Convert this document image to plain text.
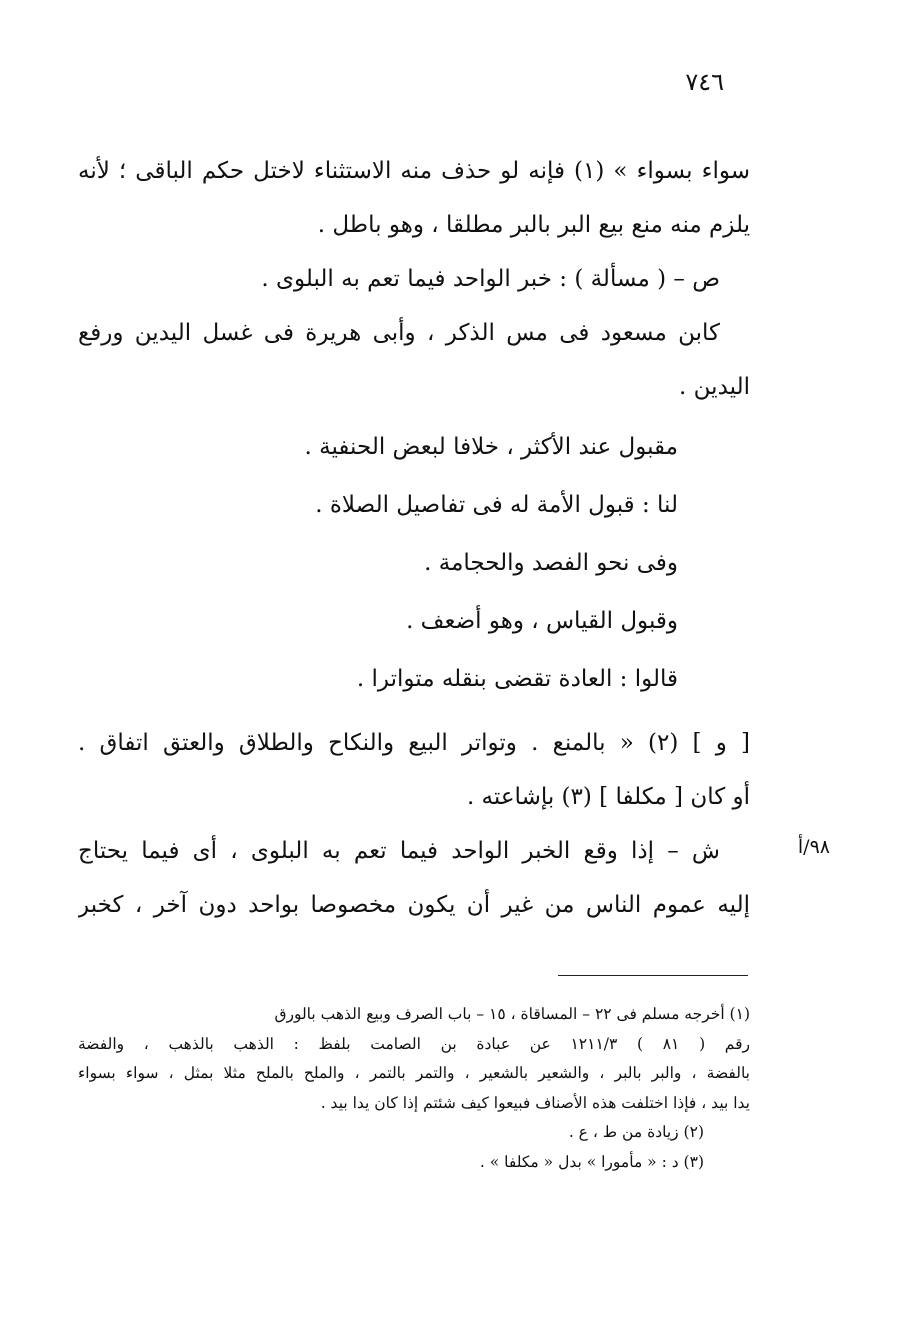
٧٤٦
سواء بسواء » (١) فإنه لو حذف منه الاستثناء لاختل حكم الباقى ؛ لأنه
يلزم منه منع بيع البر بالبر مطلقا ، وهو باطل .
ص – ( مسألة ) : خبر الواحد فيما تعم به البلوى .
كابن مسعود فى مس الذكر ، وأبى هريرة فى غسل اليدين ورفع
اليدين .
مقبول عند الأكثر ، خلافا لبعض الحنفية .
لنا : قبول الأمة له فى تفاصيل الصلاة .
وفى نحو الفصد والحجامة .
وقبول القياس ، وهو أضعف .
قالوا : العادة تقضى بنقله متواترا .
[ و ] (٢) « بالمنع . وتواتر البيع والنكاح والطلاق والعتق اتفاق .
أو كان [ مكلفا ] (٣) بإشاعته .
ش – إذا وقع الخبر الواحد فيما تعم به البلوى ، أى فيما يحتاج
إليه عموم الناس من غير أن يكون مخصوصا بواحد دون آخر ، كخبر
٩٨/أ
(١) أخرجه مسلم فى ٢٢ – المساقاة ، ١٥ – باب الصرف وبيع الذهب بالورق
رقم ( ٨١ ) ١٢١١/٣ عن عبادة بن الصامت بلفظ : الذهب بالذهب ، والفضة
بالفضة ، والبر بالبر ، والشعير بالشعير ، والتمر بالتمر ، والملح بالملح مثلا بمثل ، سواء بسواء
يدا بيد ، فإذا اختلفت هذه الأصناف فبيعوا كيف شئتم إذا كان يدا بيد .
(٢) زيادة من ط ، ع .
(٣) د : « مأمورا » بدل « مكلفا » .
